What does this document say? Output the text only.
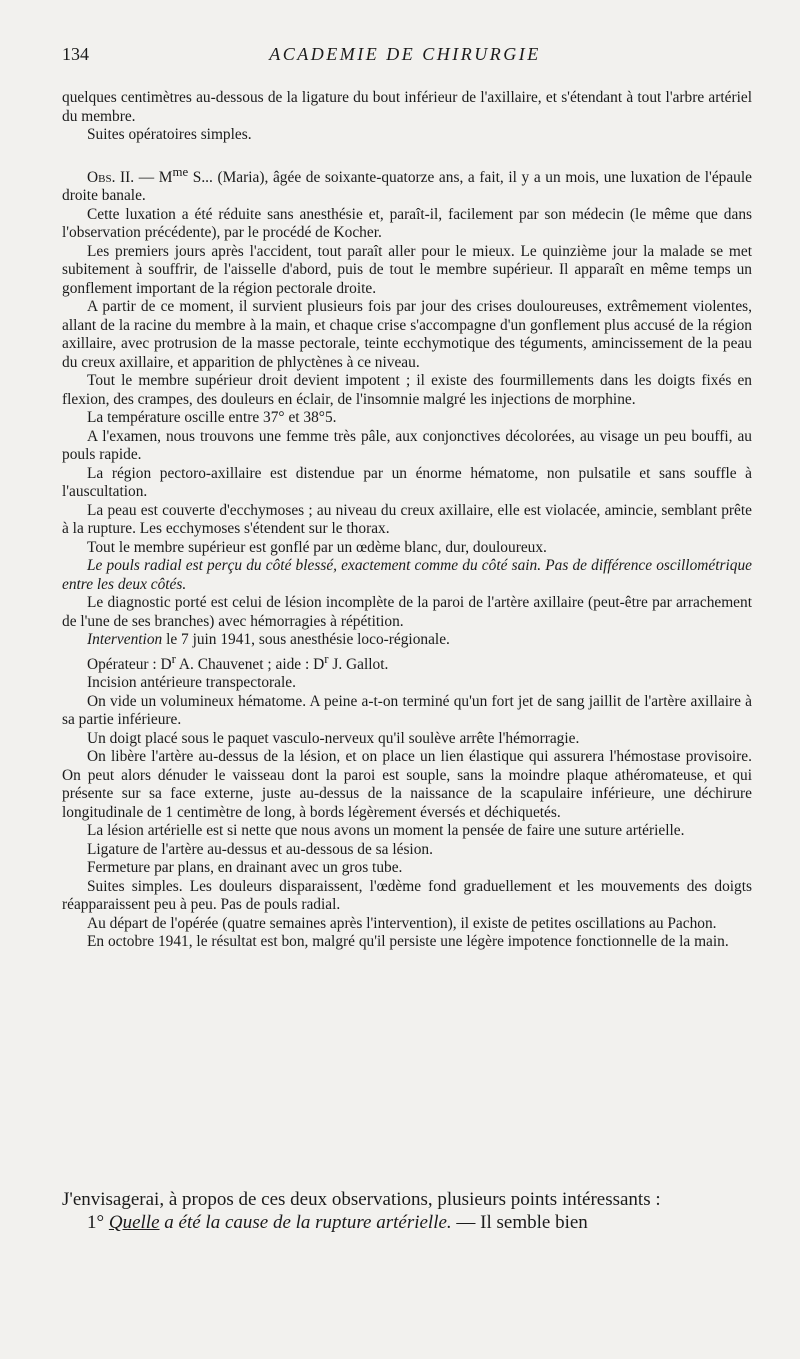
134	ACADEMIE DE CHIRURGIE

quelques centimètres au-dessous de la ligature du bout inférieur de l'axillaire, et s'étendant à tout l'arbre artériel du membre.

Suites opératoires simples.

Obs. II. — $M^{me}$ S... (Maria), âgée de soixante-quatorze ans, a fait, il y a un mois, une luxation de l'épaule droite banale.

Cette luxation a été réduite sans anesthésie et, paraît-il, facilement par son médecin (le même que dans l'observation précédente), par le procédé de Kocher.

Les premiers jours après l'accident, tout paraît aller pour le mieux. Le quinzième jour la malade se met subitement à souffrir, de l'aisselle d'abord, puis de tout le membre supérieur. Il apparaît en même temps un gonflement important de la région pectorale droite.

A partir de ce moment, il survient plusieurs fois par jour des crises douloureuses, extrêmement violentes, allant de la racine du membre à la main, et chaque crise s'accompagne d'un gonflement plus accusé de la région axillaire, avec protrusion de la masse pectorale, teinte ecchymotique des téguments, amincissement de la peau du creux axillaire, et apparition de phlyctènes à ce niveau.

Tout le membre supérieur droit devient impotent ; il existe des fourmillements dans les doigts fixés en flexion, des crampes, des douleurs en éclair, de l'insomnie malgré les injections de morphine.

La température oscille entre 37° et 38°5.

A l'examen, nous trouvons une femme très pâle, aux conjonctives décolorées, au visage un peu bouffi, au pouls rapide.

La région pectoro-axillaire est distendue par un énorme hématome, non pulsatile et sans souffle à l'auscultation.

La peau est couverte d'ecchymoses ; au niveau du creux axillaire, elle est violacée, amincie, semblant prête à la rupture. Les ecchymoses s'étendent sur le thorax.

Tout le membre supérieur est gonflé par un œdème blanc, dur, douloureux.

Le pouls radial est perçu du côté blessé, exactement comme du côté sain. Pas de différence oscillométrique entre les deux côtés.

Le diagnostic porté est celui de lésion incomplète de la paroi de l'artère axillaire (peut-être par arrachement de l'une de ses branches) avec hémorragies à répétition.

Intervention le 7 juin 1941, sous anesthésie loco-régionale.

Opérateur : $D^r$ A. Chauvenet ; aide : $D^r$ J. Gallot.

Incision antérieure transpectorale.

On vide un volumineux hématome. A peine a-t-on terminé qu'un fort jet de sang jaillit de l'artère axillaire à sa partie inférieure.

Un doigt placé sous le paquet vasculo-nerveux qu'il soulève arrête l'hémorragie.

On libère l'artère au-dessus de la lésion, et on place un lien élastique qui assurera l'hémostase provisoire. On peut alors dénuder le vaisseau dont la paroi est souple, sans la moindre plaque athéromateuse, et qui présente sur sa face externe, juste au-dessus de la naissance de la scapulaire inférieure, une déchirure longitudinale de 1 centimètre de long, à bords légèrement éversés et déchiquetés.

La lésion artérielle est si nette que nous avons un moment la pensée de faire une suture artérielle.

Ligature de l'artère au-dessus et au-dessous de sa lésion.

Fermeture par plans, en drainant avec un gros tube.

Suites simples. Les douleurs disparaissent, l'œdème fond graduellement et les mouvements des doigts réapparaissent peu à peu. Pas de pouls radial.

Au départ de l'opérée (quatre semaines après l'intervention), il existe de petites oscillations au Pachon.

En octobre 1941, le résultat est bon, malgré qu'il persiste une légère impotence fonctionnelle de la main.

J'envisagerai, à propos de ces deux observations, plusieurs points intéressants :

1° Quelle a été la cause de la rupture artérielle. — Il semble bien
